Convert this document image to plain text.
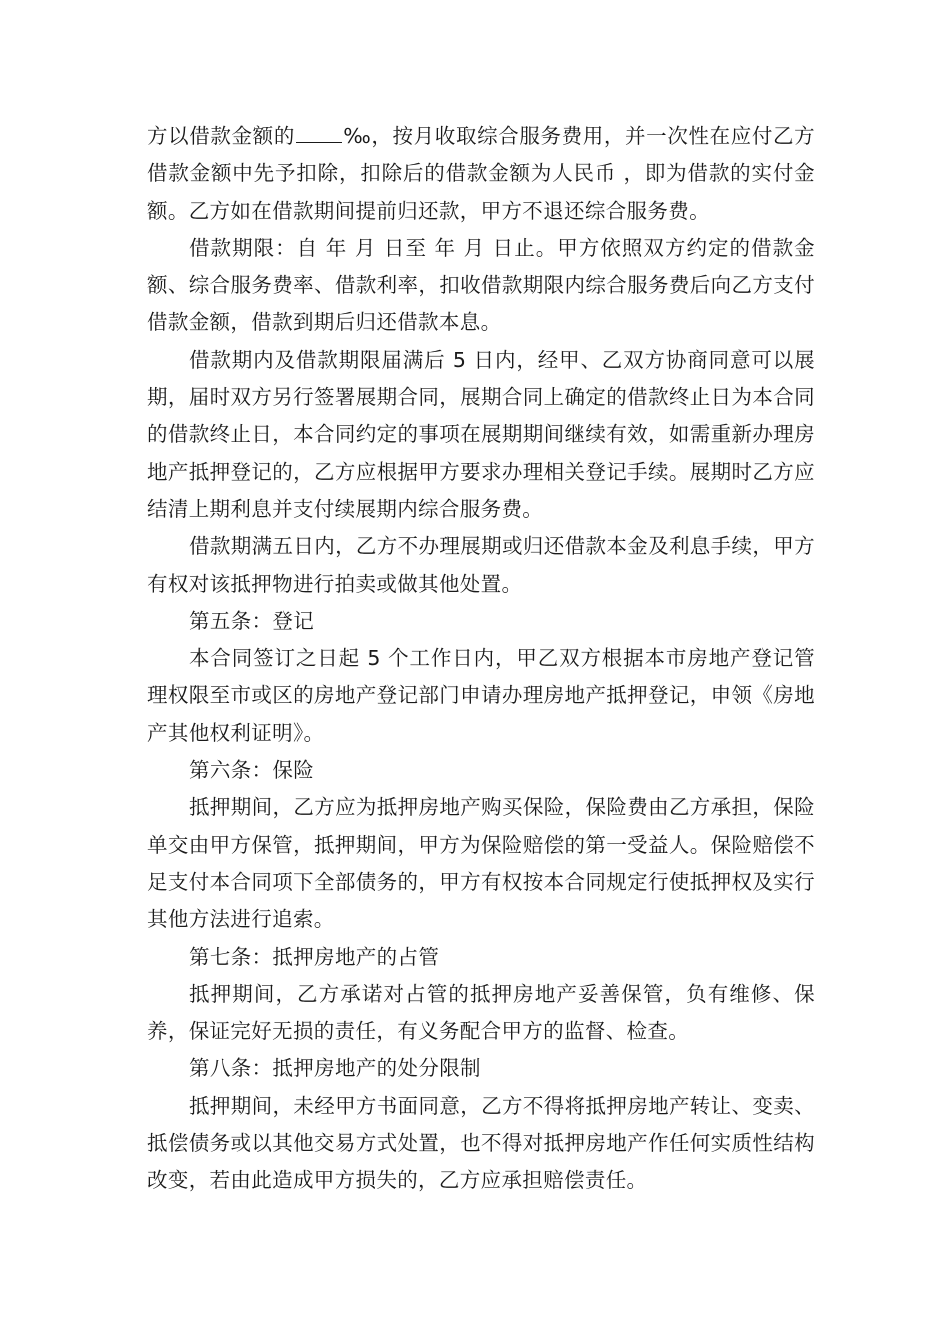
方以借款金额的 ‰，按月收取综合服务费用，并一次性在应付乙方借款金额中先予扣除，扣除后的借款金额为人民币 ，即为借款的实付金额。乙方如在借款期间提前归还款，甲方不退还综合服务费。

借款期限：自 年 月 日至 年 月 日止。甲方依照双方约定的借款金额、综合服务费率、借款利率，扣收借款期限内综合服务费后向乙方支付借款金额，借款到期后归还借款本息。

借款期内及借款期限届满后 5 日内，经甲、乙双方协商同意可以展期，届时双方另行签署展期合同，展期合同上确定的借款终止日为本合同的借款终止日，本合同约定的事项在展期期间继续有效，如需重新办理房地产抵押登记的，乙方应根据甲方要求办理相关登记手续。展期时乙方应结清上期利息并支付续展期内综合服务费。

借款期满五日内，乙方不办理展期或归还借款本金及利息手续，甲方有权对该抵押物进行拍卖或做其他处置。

第五条：登记

本合同签订之日起 5 个工作日内，甲乙双方根据本市房地产登记管理权限至市或区的房地产登记部门申请办理房地产抵押登记，申领《房地产其他权利证明》。

第六条：保险

抵押期间，乙方应为抵押房地产购买保险，保险费由乙方承担，保险单交由甲方保管，抵押期间，甲方为保险赔偿的第一受益人。保险赔偿不足支付本合同项下全部债务的，甲方有权按本合同规定行使抵押权及实行其他方法进行追索。

第七条：抵押房地产的占管

抵押期间，乙方承诺对占管的抵押房地产妥善保管，负有维修、保养，保证完好无损的责任，有义务配合甲方的监督、检查。

第八条：抵押房地产的处分限制

抵押期间，未经甲方书面同意，乙方不得将抵押房地产转让、变卖、抵偿债务或以其他交易方式处置，也不得对抵押房地产作任何实质性结构改变，若由此造成甲方损失的，乙方应承担赔偿责任。
